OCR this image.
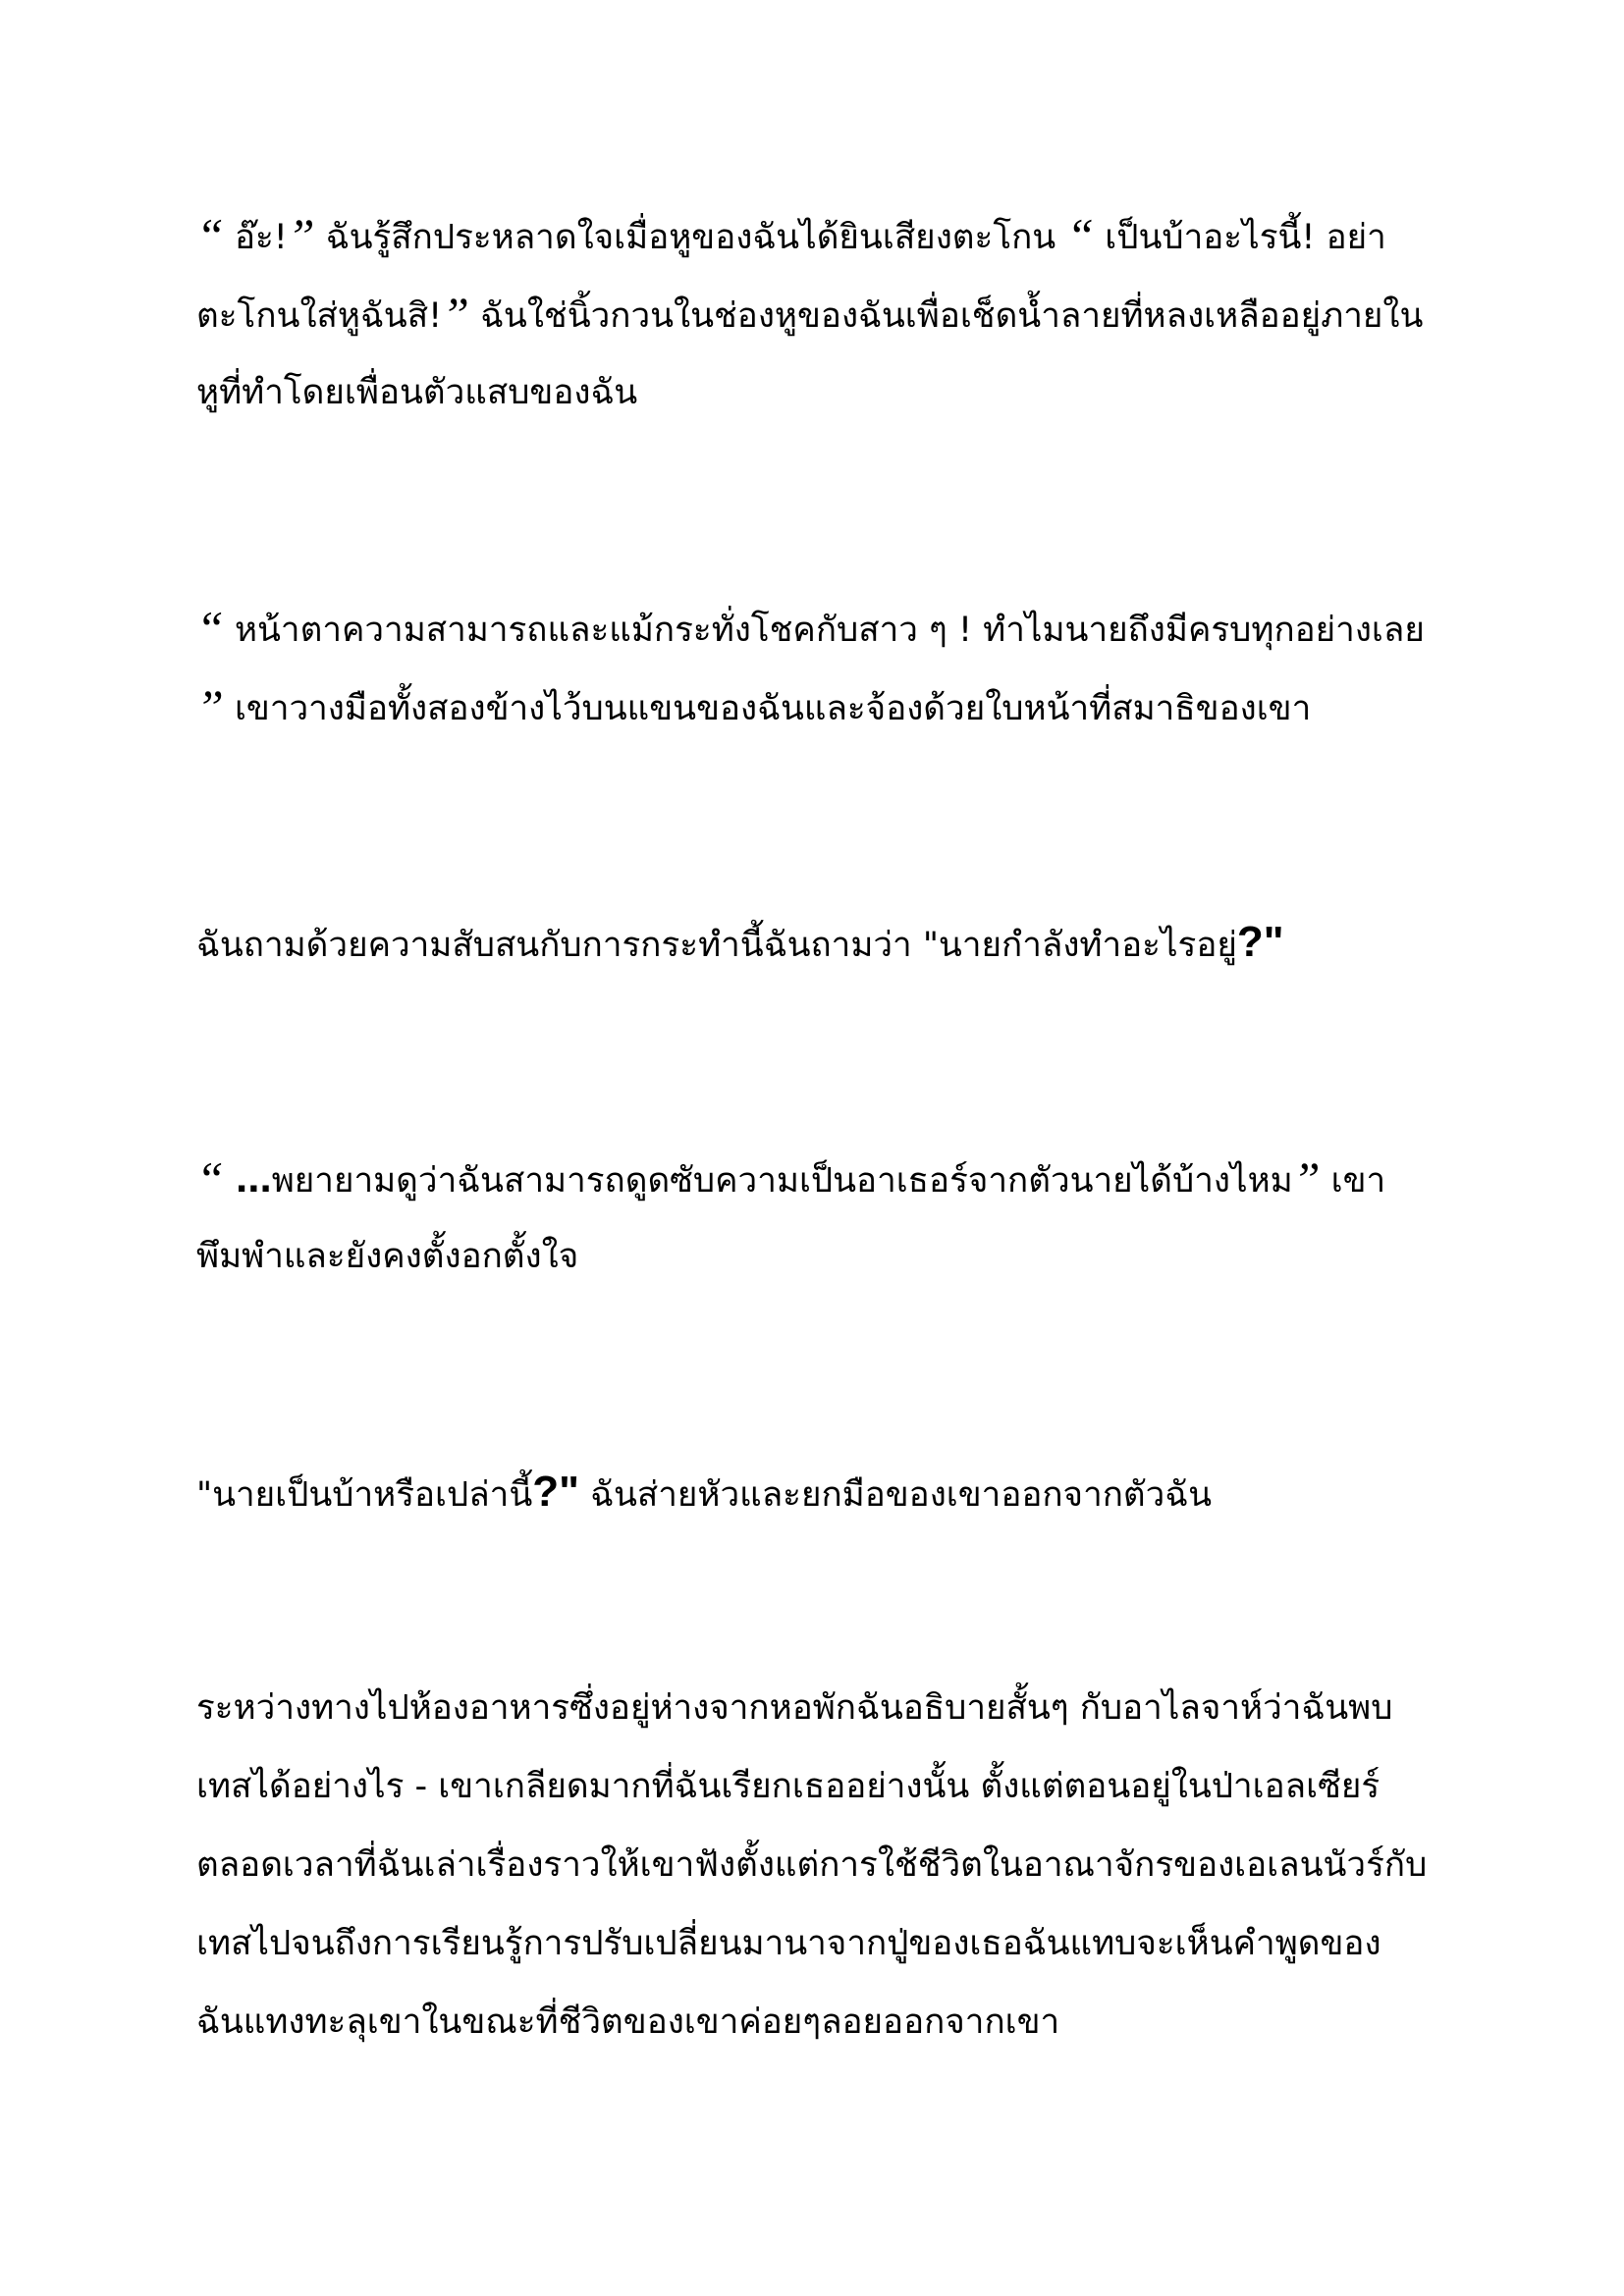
“ อ๊ะ!” ฉันรู้สึกประหลาดใจเมื่อหูของฉันได้ยินเสียงตะโกน “ เป็นบ้าอะไรนี้! อย่า
ตะโกนใส่หูฉันสิ!” ฉันใช่นิ้วกวนในช่องหูของฉันเพื่อเช็ดน้ำลายที่หลงเหลืออยู่ภายใน
หูที่ทำโดยเพื่อนตัวแสบของฉัน
“ หน้าตาความสามารถและแม้กระทั่งโชคกับสาว ๆ ! ทำไมนายถึงมีครบทุกอย่างเลย
” เขาวางมือทั้งสองข้างไว้บนแขนของฉันและจ้องด้วยใบหน้าที่สมาธิของเขา
ฉันถามด้วยความสับสนกับการกระทำนี้ฉันถามว่า "นายกำลังทำอะไรอยู่?"
“ ...พยายามดูว่าฉันสามารถดูดซับความเป็นอาเธอร์จากตัวนายได้บ้างไหม” เขา
พึมพำและยังคงตั้งอกตั้งใจ
"นายเป็นบ้าหรือเปล่านี้?" ฉันส่ายหัวและยกมือของเขาออกจากตัวฉัน
ระหว่างทางไปห้องอาหารซึ่งอยู่ห่างจากหอพักฉันอธิบายสั้นๆ กับอาไลจาห์ว่าฉันพบ
เทสได้อย่างไร - เขาเกลียดมากที่ฉันเรียกเธออย่างนั้น ตั้งแต่ตอนอยู่ในป่าเอลเซียร์
ตลอดเวลาที่ฉันเล่าเรื่องราวให้เขาฟังตั้งแต่การใช้ชีวิตในอาณาจักรของเอเลนนัวร์กับ
เทสไปจนถึงการเรียนรู้การปรับเปลี่ยนมานาจากปู่ของเธอฉันแทบจะเห็นคำพูดของ
ฉันแทงทะลุเขาในขณะที่ชีวิตของเขาค่อยๆลอยออกจากเขา
